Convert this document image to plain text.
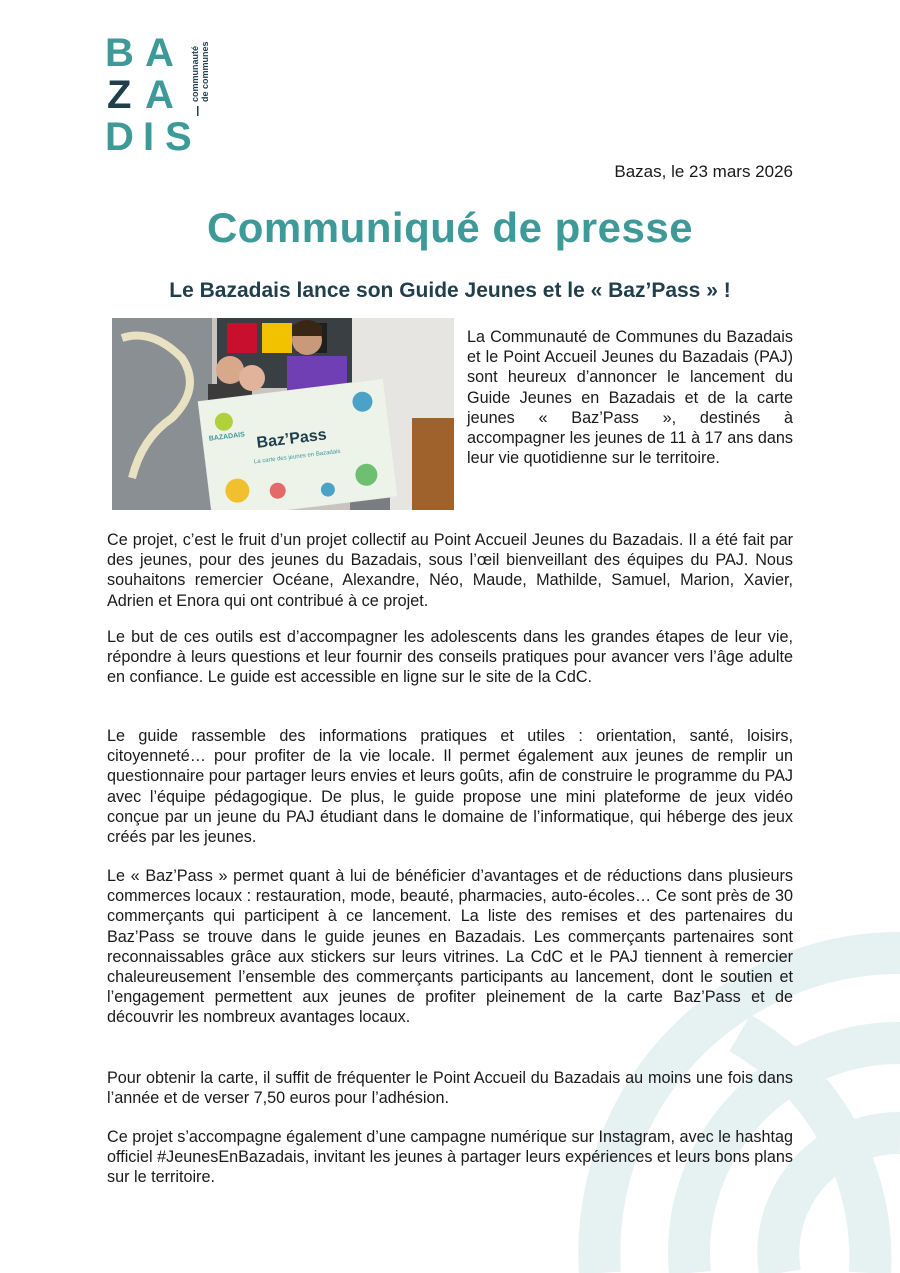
B A
A
D I S
Z	communauté de communes
Bazas, le 23 mars 2026
Communiqué de presse
Le Bazadais lance son Guide Jeunes et le « Baz’Pass » !
BAZADAIS Baz’Pass
La carte des jeunes en Bazadais

La Communauté de Communes du Bazadais et le Point Accueil Jeunes du Bazadais (PAJ) sont heureux d’annoncer le lancement du Guide Jeunes en Bazadais et de la carte jeunes « Baz’Pass », destinés à accompagner les jeunes de 11 à 17 ans dans leur vie quotidienne sur le territoire.

Ce projet, c’est le fruit d’un projet collectif au Point Accueil Jeunes du Bazadais. Il a été fait par des jeunes, pour des jeunes du Bazadais, sous l’œil bienveillant des équipes du PAJ. Nous souhaitons remercier Océane, Alexandre, Néo, Maude, Mathilde, Samuel, Marion, Xavier, Adrien et Enora qui ont contribué à ce projet.

Le but de ces outils est d’accompagner les adolescents dans les grandes étapes de leur vie, répondre à leurs questions et leur fournir des conseils pratiques pour avancer vers l’âge adulte en confiance. Le guide est accessible en ligne sur le site de la CdC.

Le guide rassemble des informations pratiques et utiles : orientation, santé, loisirs, citoyenneté… pour profiter de la vie locale. Il permet également aux jeunes de remplir un questionnaire pour partager leurs envies et leurs goûts, afin de construire le programme du PAJ avec l’équipe pédagogique. De plus, le guide propose une mini plateforme de jeux vidéo conçue par un jeune du PAJ étudiant dans le domaine de l’informatique, qui héberge des jeux créés par les jeunes.

Le « Baz’Pass » permet quant à lui de bénéficier d’avantages et de réductions dans plusieurs commerces locaux : restauration, mode, beauté, pharmacies, auto-écoles… Ce sont près de 30 commerçants qui participent à ce lancement. La liste des remises et des partenaires du Baz’Pass se trouve dans le guide jeunes en Bazadais. Les commerçants partenaires sont reconnaissables grâce aux stickers sur leurs vitrines. La CdC et le PAJ tiennent à remercier chaleureusement l’ensemble des commerçants participants au lancement, dont le soutien et l’engagement permettent aux jeunes de profiter pleinement de la carte Baz’Pass et de découvrir les nombreux avantages locaux.

Pour obtenir la carte, il suffit de fréquenter le Point Accueil du Bazadais au moins une fois dans l’année et de verser 7,50 euros pour l’adhésion.

Ce projet s’accompagne également d’une campagne numérique sur Instagram, avec le hashtag officiel #JeunesEnBazadais, invitant les jeunes à partager leurs expériences et leurs bons plans sur le territoire.
